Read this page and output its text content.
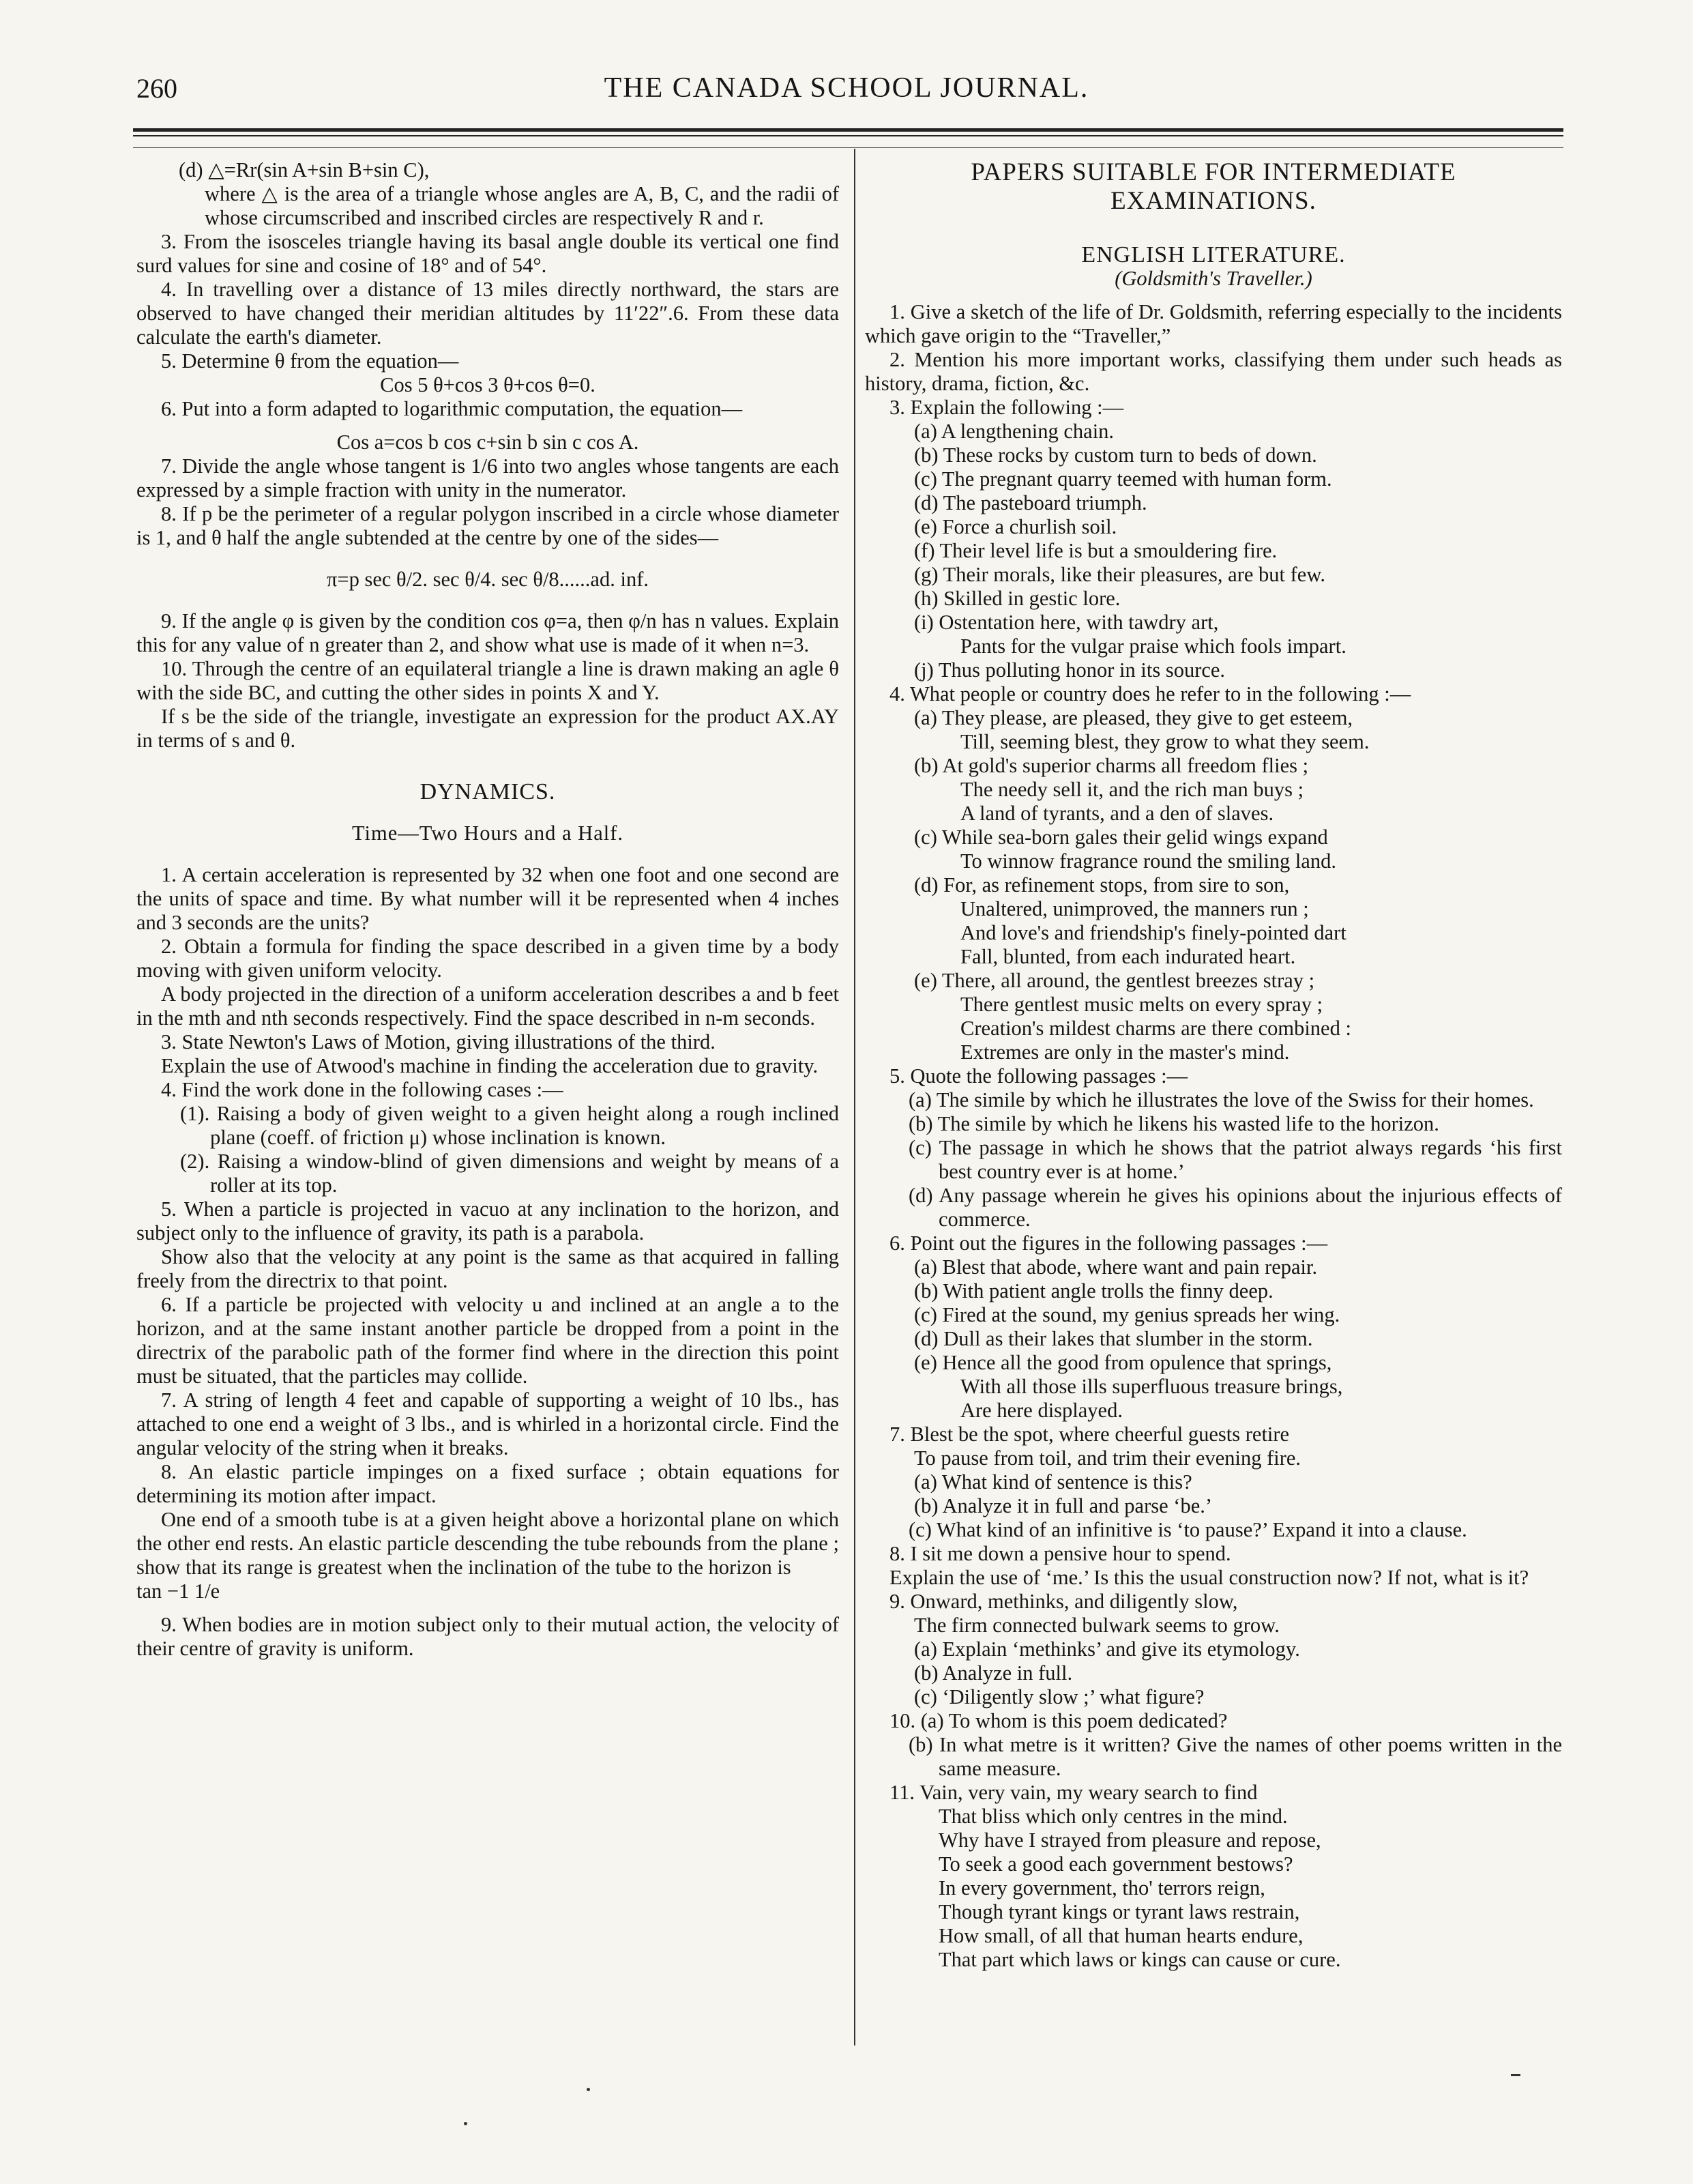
260	THE CANADA SCHOOL JOURNAL.

(d) △=Rr(sin A+sin B+sin C),

where △ is the area of a triangle whose angles are A, B, C, and the radii of whose circumscribed and inscribed circles are respectively R and r.

3. From the isosceles triangle having its basal angle double its vertical one find surd values for sine and cosine of 18° and of 54°.

4. In travelling over a distance of 13 miles directly northward, the stars are observed to have changed their meridian altitudes by 11′22″.6. From these data calculate the earth's diameter.

5. Determine θ from the equation—

Cos 5 θ+cos 3 θ+cos θ=0.

6. Put into a form adapted to logarithmic computation, the equation—

Cos a=cos b cos c+sin b sin c cos A.

7. Divide the angle whose tangent is 1/6 into two angles whose tangents are each expressed by a simple fraction with unity in the numerator.

8. If p be the perimeter of a regular polygon inscribed in a circle whose diameter is 1, and θ half the angle subtended at the centre by one of the sides—

π=p sec θ/2. sec θ/4. sec θ/8......ad. inf.

9. If the angle φ is given by the condition cos φ=a, then φ/n has n values. Explain this for any value of n greater than 2, and show what use is made of it when n=3.

10. Through the centre of an equilateral triangle a line is drawn making an agle θ with the side BC, and cutting the other sides in points X and Y.

If s be the side of the triangle, investigate an expression for the product AX.AY in terms of s and θ.

DYNAMICS.

Time—Two Hours and a Half.

1. A certain acceleration is represented by 32 when one foot and one second are the units of space and time. By what number will it be represented when 4 inches and 3 seconds are the units?

2. Obtain a formula for finding the space described in a given time by a body moving with given uniform velocity.

A body projected in the direction of a uniform acceleration describes a and b feet in the mth and nth seconds respectively. Find the space described in n-m seconds.

3. State Newton's Laws of Motion, giving illustrations of the third.

Explain the use of Atwood's machine in finding the acceleration due to gravity.

4. Find the work done in the following cases :—

(1). Raising a body of given weight to a given height along a rough inclined plane (coeff. of friction μ) whose inclination is known.

(2). Raising a window-blind of given dimensions and weight by means of a roller at its top.

5. When a particle is projected in vacuo at any inclination to the horizon, and subject only to the influence of gravity, its path is a parabola.

Show also that the velocity at any point is the same as that acquired in falling freely from the directrix to that point.

6. If a particle be projected with velocity u and inclined at an angle a to the horizon, and at the same instant another particle be dropped from a point in the directrix of the parabolic path of the former find where in the direction this point must be situated, that the particles may collide.

7. A string of length 4 feet and capable of supporting a weight of 10 lbs., has attached to one end a weight of 3 lbs., and is whirled in a horizontal circle. Find the angular velocity of the string when it breaks.

8. An elastic particle impinges on a fixed surface ; obtain equations for determining its motion after impact.

One end of a smooth tube is at a given height above a horizontal plane on which the other end rests. An elastic particle descending the tube rebounds from the plane ; show that its range is greatest when the inclination of the tube to the horizon is

tan −1 1/e

9. When bodies are in motion subject only to their mutual action, the velocity of their centre of gravity is uniform.

PAPERS SUITABLE FOR INTERMEDIATE EXAMINATIONS.

ENGLISH LITERATURE.

(Goldsmith's Traveller.)

1. Give a sketch of the life of Dr. Goldsmith, referring especially to the incidents which gave origin to the “Traveller,”

2. Mention his more important works, classifying them under such heads as history, drama, fiction, &c.

3. Explain the following :—

(a) A lengthening chain.

(b) These rocks by custom turn to beds of down.

(c) The pregnant quarry teemed with human form.

(d) The pasteboard triumph.

(e) Force a churlish soil.

(f) Their level life is but a smouldering fire.

(g) Their morals, like their pleasures, are but few.

(h) Skilled in gestic lore.

(i) Ostentation here, with tawdry art,

Pants for the vulgar praise which fools impart.

(j) Thus polluting honor in its source.

4. What people or country does he refer to in the following :—

(a) They please, are pleased, they give to get esteem,

Till, seeming blest, they grow to what they seem.

(b) At gold's superior charms all freedom flies ;

The needy sell it, and the rich man buys ;

A land of tyrants, and a den of slaves.

(c) While sea-born gales their gelid wings expand

To winnow fragrance round the smiling land.

(d) For, as refinement stops, from sire to son,

Unaltered, unimproved, the manners run ;

And love's and friendship's finely-pointed dart

Fall, blunted, from each indurated heart.

(e) There, all around, the gentlest breezes stray ;

There gentlest music melts on every spray ;

Creation's mildest charms are there combined :

Extremes are only in the master's mind.

5. Quote the following passages :—

(a) The simile by which he illustrates the love of the Swiss for their homes.

(b) The simile by which he likens his wasted life to the horizon.

(c) The passage in which he shows that the patriot always regards ‘his first best country ever is at home.’

(d) Any passage wherein he gives his opinions about the injurious effects of commerce.

6. Point out the figures in the following passages :—

(a) Blest that abode, where want and pain repair.

(b) With patient angle trolls the finny deep.

(c) Fired at the sound, my genius spreads her wing.

(d) Dull as their lakes that slumber in the storm.

(e) Hence all the good from opulence that springs,

With all those ills superfluous treasure brings,

Are here displayed.

7. Blest be the spot, where cheerful guests retire

To pause from toil, and trim their evening fire.

(a) What kind of sentence is this?

(b) Analyze it in full and parse ‘be.’

(c) What kind of an infinitive is ‘to pause?’ Expand it into a clause.

8. I sit me down a pensive hour to spend.

Explain the use of ‘me.’ Is this the usual construction now? If not, what is it?

9. Onward, methinks, and diligently slow,

The firm connected bulwark seems to grow.

(a) Explain ‘methinks’ and give its etymology.

(b) Analyze in full.

(c) ‘Diligently slow ;’ what figure?

10. (a) To whom is this poem dedicated?

(b) In what metre is it written? Give the names of other poems written in the same measure.

11. Vain, very vain, my weary search to find

That bliss which only centres in the mind.

Why have I strayed from pleasure and repose,

To seek a good each government bestows?

In every government, tho' terrors reign,

Though tyrant kings or tyrant laws restrain,

How small, of all that human hearts endure,

That part which laws or kings can cause or cure.
